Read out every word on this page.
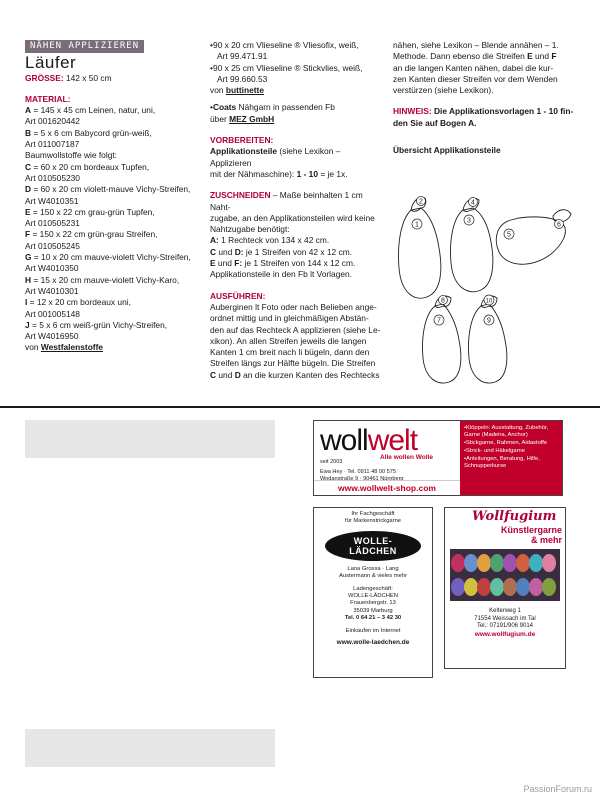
NÄHEN APPLIZIEREN
Läufer
GRÖSSE: 142 x 50 cm
MATERIAL:
A = 145 x 45 cm Leinen, natur, uni,
Art 001620442
B = 5 x 6 cm Babycord grün-weiß,
Art 011007187
Baumwollstoffe wie folgt:
C = 60 x 20 cm bordeaux Tupfen,
Art 010505230
D = 60 x 20 cm violett-mauve Vichy-Streifen,
Art W4010351
E = 150 x 22 cm grau-grün Tupfen,
Art 010505231
F = 150 x 22 cm grün-grau Streifen,
Art 010505245
G = 10 x 20 cm mauve-violett Vichy-Streifen,
Art W4010350
H = 15 x 20 cm mauve-violett Vichy-Karo,
Art W4010301
I = 12 x 20 cm bordeaux uni,
Art 001005148
J = 5 x 6 cm weiß-grün Vichy-Streifen,
Art W4016950
von Westfalenstoffe
• 90 x 20 cm Vlieseline ® Vliesofix, weiß,
Art 99.471.91
• 90 x 25 cm Vlieseline ® Stickvlies, weiß,
Art 99.660.53
von buttinette
• Coats Nähgarn in passenden Fb
über MEZ GmbH
VORBEREITEN:
Applikationsteile (siehe Lexikon – Applizieren
mit der Nähmaschine): 1 - 10 = je 1x.
ZUSCHNEIDEN – Maße beinhalten 1 cm Naht-
zugabe, an den Applikationsteilen wird keine
Nahtzugabe benötigt:
A: 1 Rechteck von 134 x 42 cm.
C und D: je 1 Streifen von 42 x 12 cm.
E und F: je 1 Streifen von 144 x 12 cm.
Applikationsteile in den Fb lt Vorlagen.
AUSFÜHREN:
Auberginen lt Foto oder nach Belieben ange-
ordnet mittig und in gleichmäßigen Abstän-
den auf das Rechteck A applizieren (siehe Le-
xikon). An allen Streifen jeweils die langen
Kanten 1 cm breit nach li bügeln, dann den
Streifen längs zur Hälfte bügeln. Die Streifen
C und D an die kurzen Kanten des Rechtecks
nähen, siehe Lexikon – Blende annähen – 1.
Methode. Dann ebenso die Streifen E und F
an die langen Kanten nähen, dabei die kur-
zen Kanten dieser Streifen vor dem Wenden
verstürzen (siehe Lexikon).
HINWEIS: Die Applikationsvorlagen 1 - 10 fin-
den Sie auf Bogen A.
Übersicht Applikationsteile
1
2
3
4
5
6
7
8
9
10
wollwelt
Alle wollen Wolle
seit 2003
Ewa Hey · Tel. 0911 48 00 575
Wodanstraße 9 · 90461 Nürnberg
www.wollwelt-shop.com
• Klöppeln: Ausstattung, Zubehör, Garne (Madeira, Anchor)
• Stickgarne, Rahmen, Aidastoffe
• Strick- und Häkelgarne
• Anleitungen, Beratung, Hilfe, Schnupperkurse
Ihr Fachgeschäft
für Markenstrickgarne
WOLLE-
LÄDCHEN
Lana Grossa · Lang
Austermann & vieles mehr
Ladengeschäft:
WOLLE-LÄDCHEN
Frauenbergstr. 13
35039 Marburg
Tel. 0 64 21 – 3 42 30
Einkaufen im Internet
www.wolle-laedchen.de
Wollfugium
Künstlergarne
& mehr
Kelterweg 1
71554 Weissach im Tal
Tel.: 07191/906 9014
www.wollfugium.de
PassionForum.ru
